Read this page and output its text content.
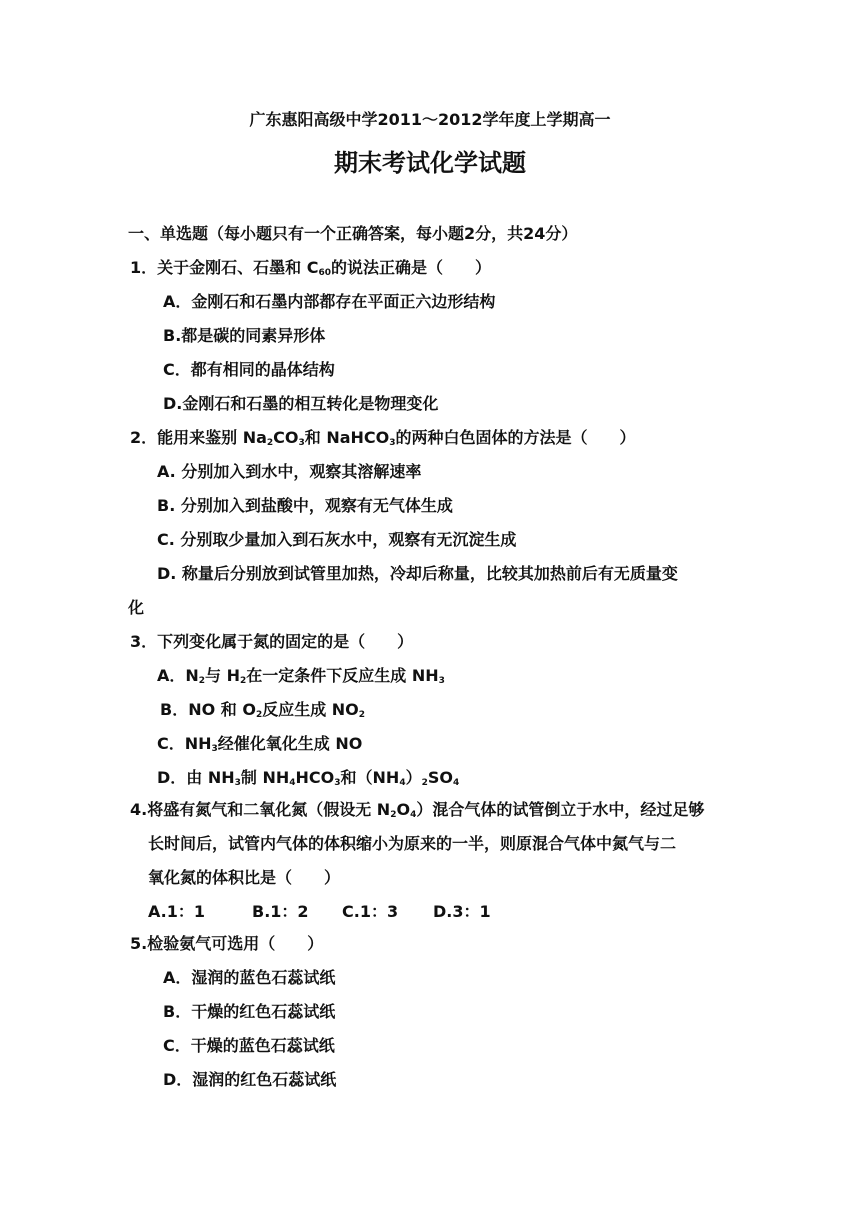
广东惠阳高级中学2011～2012学年度上学期高一
期末考试化学试题
一、单选题（每小题只有一个正确答案，每小题2分，共24分）
1．关于金刚石、石墨和 $C_{60}$的说法正确是（　　）
A．金刚石和石墨内部都存在平面正六边形结构
B.都是碳的同素异形体
C．都有相同的晶体结构
D.金刚石和石墨的相互转化是物理变化
2．能用来鉴别 $Na_2CO_3$和 NaHCO$_3$的两种白色固体的方法是（　　）
A. 分别加入到水中，观察其溶解速率
B. 分别加入到盐酸中，观察有无气体生成
C. 分别取少量加入到石灰水中，观察有无沉淀生成
D. 称量后分别放到试管里加热，冷却后称量，比较其加热前后有无质量变
化
3．下列变化属于氮的固定的是（　　）
A．$N_2$与 $H_2$在一定条件下反应生成 $NH_3$
B．NO 和 $O_2$反应生成 $NO_2$
C．$NH_3$经催化氧化生成 NO
D．由 $NH_3$制 $NH_4HCO_3$和$(NH_4)_2SO_4$
4.将盛有氮气和二氧化氮（假设无 $N_2O_4$）混合气体的试管倒立于水中，经过足够
长时间后，试管内气体的体积缩小为原来的一半，则原混合气体中氮气与二
氧化氮的体积比是（　　）
A.1：1	B.1：2 C.1：3 D.3：1
5.检验氨气可选用（　　）
A．湿润的蓝色石蕊试纸
B．干燥的红色石蕊试纸
C．干燥的蓝色石蕊试纸
D．湿润的红色石蕊试纸
